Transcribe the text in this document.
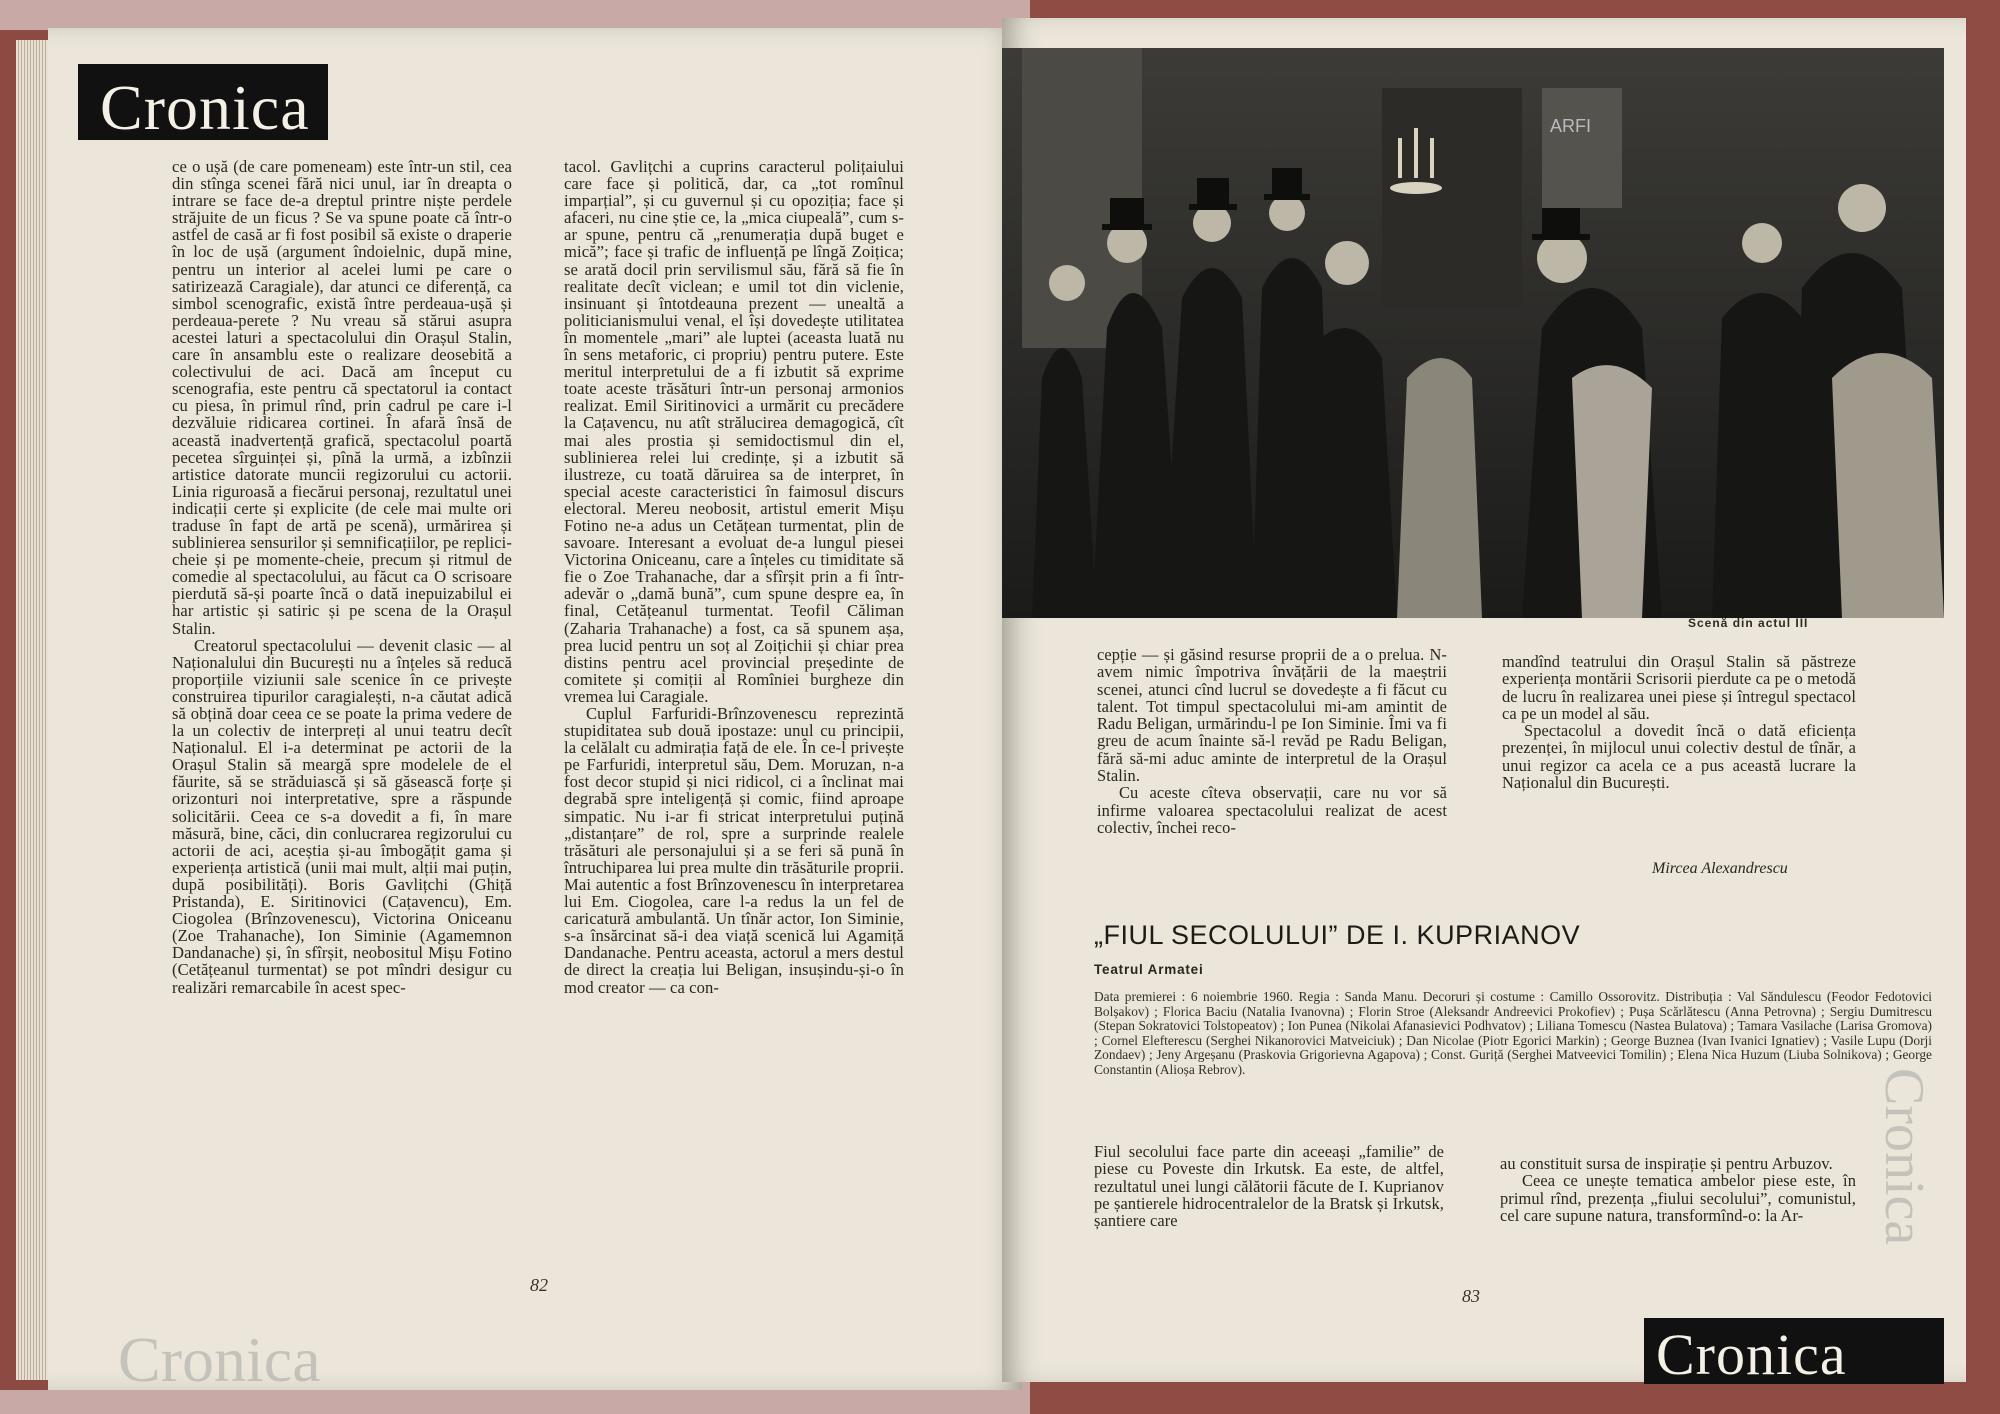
Cronica

ce o ușă (de care pomeneam) este într-un stil, cea din stînga scenei fără nici unul, iar în dreapta o intrare se face de-a dreptul printre niște perdele străjuite de un ficus ? Se va spune poate că într-o astfel de casă ar fi fost posibil să existe o draperie în loc de ușă (argument îndoielnic, după mine, pentru un interior al acelei lumi pe care o satirizează Caragiale), dar atunci ce diferență, ca simbol scenografic, există între perdeaua-ușă și perdeaua-perete ? Nu vreau să stărui asupra acestei laturi a spectacolului din Orașul Stalin, care în ansamblu este o realizare deosebită a colectivului de aci. Dacă am început cu scenografia, este pentru că spectatorul ia contact cu piesa, în primul rînd, prin cadrul pe care i-l dezvăluie ridicarea cortinei. În afară însă de această inadvertență grafică, spectacolul poartă pecetea sîrguinței și, pînă la urmă, a izbînzii artistice datorate muncii regizorului cu actorii. Linia riguroasă a fiecărui personaj, rezultatul unei indicații certe și explicite (de cele mai multe ori traduse în fapt de artă pe scenă), urmărirea și sublinierea sensurilor și semnificațiilor, pe replici-cheie și pe momente-cheie, precum și ritmul de comedie al spectacolului, au făcut ca O scrisoare pierdută să-și poarte încă o dată inepuizabilul ei har artistic și satiric și pe scena de la Orașul Stalin.

Creatorul spectacolului — devenit clasic — al Naționalului din București nu a înțeles să reducă proporțiile viziunii sale scenice în ce privește construirea tipurilor caragialești, n-a căutat adică să obțină doar ceea ce se poate la prima vedere de la un colectiv de interpreți al unui teatru decît Naționalul. El i-a determinat pe actorii de la Orașul Stalin să meargă spre modelele de el făurite, să se străduiască și să găsească forțe și orizonturi noi interpretative, spre a răspunde solicitării. Ceea ce s-a dovedit a fi, în mare măsură, bine, căci, din conlucrarea regizorului cu actorii de aci, aceștia și-au îmbogățit gama și experiența artistică (unii mai mult, alții mai puțin, după posibilități). Boris Gavlițchi (Ghiță Pristanda), E. Siritinovici (Cațavencu), Em. Ciogolea (Brînzovenescu), Victorina Oniceanu (Zoe Trahanache), Ion Siminie (Agamemnon Dandanache) și, în sfîrșit, neobositul Mișu Fotino (Cetățeanul turmentat) se pot mîndri desigur cu realizări remarcabile în acest spec-

tacol. Gavlițchi a cuprins caracterul polițaiului care face și politică, dar, ca „tot romînul imparțial”, și cu guvernul și cu opoziția; face și afaceri, nu cine știe ce, la „mica ciupeală”, cum s-ar spune, pentru că „renumerația după buget e mică”; face și trafic de influență pe lîngă Zoițica; se arată docil prin servilismul său, fără să fie în realitate decît viclean; e umil tot din viclenie, insinuant și întotdeauna prezent — unealtă a politicianismului venal, el își dovedește utilitatea în momentele „mari” ale luptei (aceasta luată nu în sens metaforic, ci propriu) pentru putere. Este meritul interpretului de a fi izbutit să exprime toate aceste trăsături într-un personaj armonios realizat. Emil Siritinovici a urmărit cu precădere la Cațavencu, nu atît strălucirea demagogică, cît mai ales prostia și semidoctismul din el, sublinierea relei lui credințe, și a izbutit să ilustreze, cu toată dăruirea sa de interpret, în special aceste caracteristici în faimosul discurs electoral. Mereu neobosit, artistul emerit Mișu Fotino ne-a adus un Cetățean turmentat, plin de savoare. Interesant a evoluat de-a lungul piesei Victorina Oniceanu, care a înțeles cu timiditate să fie o Zoe Trahanache, dar a sfîrșit prin a fi într-adevăr o „damă bună”, cum spune despre ea, în final, Cetățeanul turmentat. Teofil Căliman (Zaharia Trahanache) a fost, ca să spunem așa, prea lucid pentru un soț al Zoițichii și chiar prea distins pentru acel provincial președinte de comitete și comiții al Romîniei burgheze din vremea lui Caragiale.

Cuplul Farfuridi-Brînzovenescu reprezintă stupiditatea sub două ipostaze: unul cu principii, la celălalt cu admirația față de ele. În ce-l privește pe Farfuridi, interpretul său, Dem. Moruzan, n-a fost decor stupid și nici ridicol, ci a înclinat mai degrabă spre inteligență și comic, fiind aproape simpatic. Nu i-ar fi stricat interpretului puțină „distanțare” de rol, spre a surprinde realele trăsături ale personajului și a se feri să pună în întruchiparea lui prea multe din trăsăturile proprii. Mai autentic a fost Brînzovenescu în interpretarea lui Em. Ciogolea, care l-a redus la un fel de caricatură ambulantă. Un tînăr actor, Ion Siminie, s-a însărcinat să-i dea viață scenică lui Agamiță Dandanache. Pentru aceasta, actorul a mers destul de direct la creația lui Beligan, insușindu-și-o în mod creator — ca con-

82
Cronica
ARFI
Scenă din actul III

cepție — și găsind resurse proprii de a o prelua. N-avem nimic împotriva învățării de la maeștrii scenei, atunci cînd lucrul se dovedește a fi făcut cu talent. Tot timpul spectacolului mi-am amintit de Radu Beligan, urmărindu-l pe Ion Siminie. Îmi va fi greu de acum înainte să-l revăd pe Radu Beligan, fără să-mi aduc aminte de interpretul de la Orașul Stalin.

Cu aceste cîteva observații, care nu vor să infirme valoarea spectacolului realizat de acest colectiv, închei reco-

mandînd teatrului din Orașul Stalin să păstreze experiența montării Scrisorii pierdute ca pe o metodă de lucru în realizarea unei piese și întregul spectacol ca pe un model al său.

Spectacolul a dovedit încă o dată eficiența prezenței, în mijlocul unui colectiv destul de tînăr, a unui regizor ca acela ce a pus această lucrare la Naționalul din București.

Mircea Alexandrescu
„FIUL SECOLULUI” DE I. KUPRIANOV
Teatrul Armatei
Data premierei : 6 noiembrie 1960. Regia : Sanda Manu. Decoruri și costume : Camillo Ossorovitz. Distribuția : Val Săndulescu (Feodor Fedotovici Bolșakov) ; Florica Baciu (Natalia Ivanovna) ; Florin Stroe (Aleksandr Andreevici Prokofiev) ; Pușa Scărlătescu (Anna Petrovna) ; Sergiu Dumitrescu (Stepan Sokratovici Tolstopeatov) ; Ion Punea (Nikolai Afanasievici Podhvatov) ; Liliana Tomescu (Nastea Bulatova) ; Tamara Vasilache (Larisa Gromova) ; Cornel Elefterescu (Serghei Nikanorovici Matveiciuk) ; Dan Nicolae (Piotr Egorici Markin) ; George Buznea (Ivan Ivanici Ignatiev) ; Vasile Lupu (Dorji Zondaev) ; Jeny Argeșanu (Praskovia Grigorievna Agapova) ; Const. Guriță (Serghei Matveevici Tomilin) ; Elena Nica Huzum (Liuba Solnikova) ; George Constantin (Alioșa Rebrov).

Fiul secolului face parte din aceeași „familie” de piese cu Poveste din Irkutsk. Ea este, de altfel, rezultatul unei lungi călătorii făcute de I. Kuprianov pe șantierele hidrocentralelor de la Bratsk și Irkutsk, șantiere care

au constituit sursa de inspirație și pentru Arbuzov.

Ceea ce unește tematica ambelor piese este, în primul rînd, prezența „fiului secolului”, comunistul, cel care supune natura, transformînd-o: la Ar-

83
Cronica
Cronica
